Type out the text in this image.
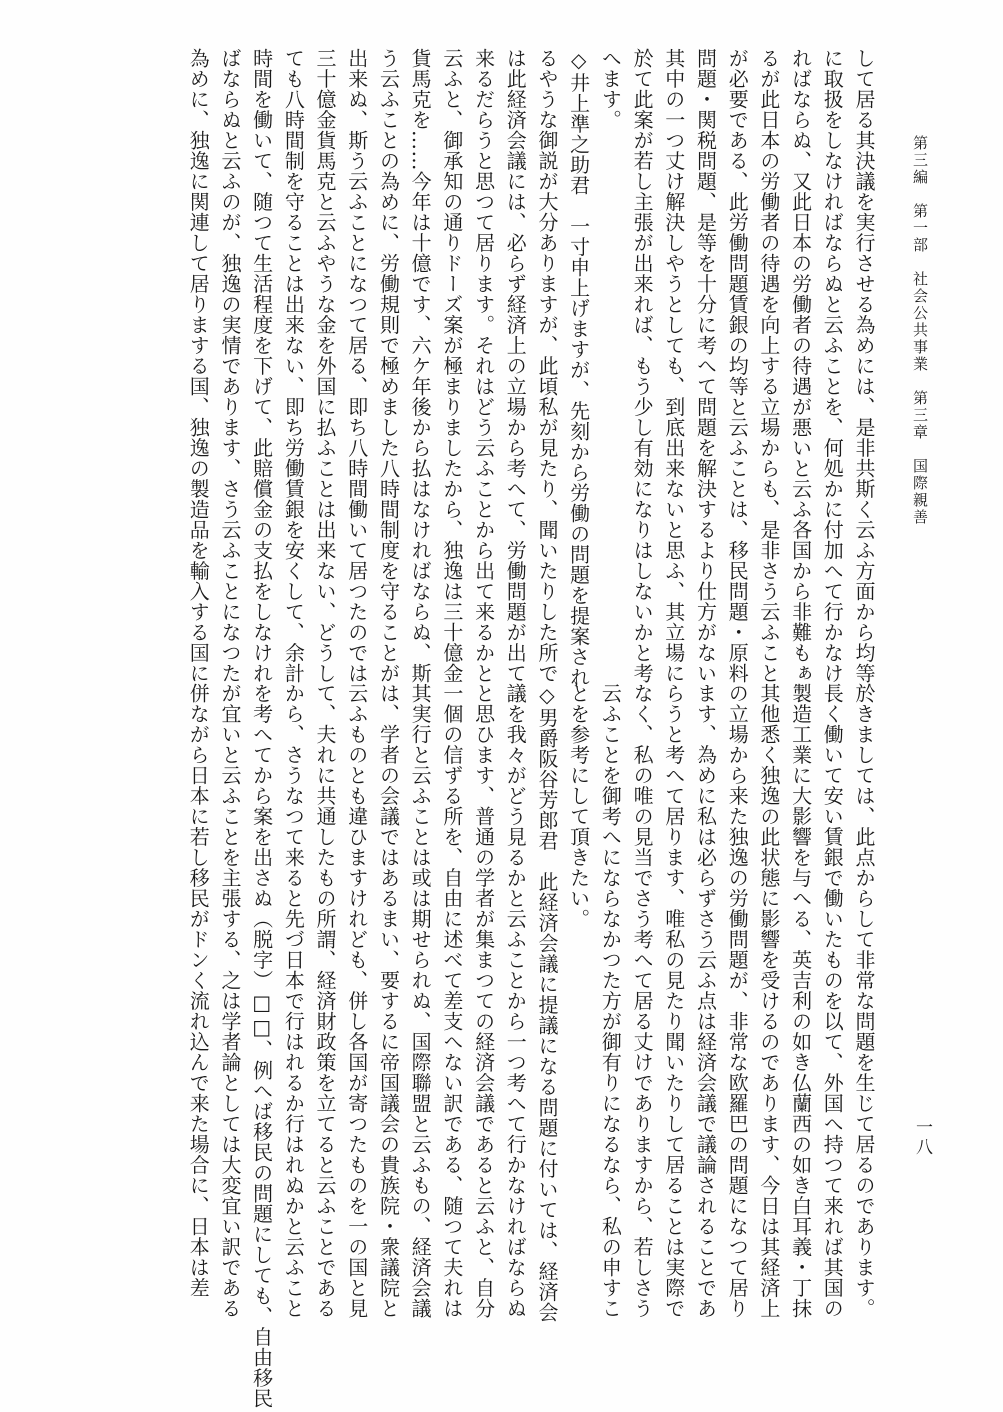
第三編　第一部　社会公共事業　第三章　国際親善
一八
して居る其決議を実行させる為めには、是非共斯く云ふ方面から均等
に取扱をしなければならぬと云ふことを、何処かに付加へて行かなけ
ればならぬ、又此日本の労働者の待遇が悪いと云ふ各国から非難もぁ
るが此日本の労働者の待遇を向上する立場からも、是非さう云ふこと
が必要である、此労働問題賃銀の均等と云ふことは、移民問題・原料
問題・関税問題、是等を十分に考へて問題を解決するより仕方がない
其中の一つ丈け解決しやうとしても、到底出来ないと思ふ、其立場に
於て此案が若し主張が出来れば、もう少し有効になりはしないかと考
へます。
◇井上準之助君　一寸申上げますが、先刻から労働の問題を提案され
るやうな御説が大分ありますが、此頃私が見たり、聞いたりした所で
は此経済会議には、必らず経済上の立場から考へて、労働問題が出て
来るだらうと思つて居ります。それはどう云ふことから出て来るかと
云ふと、御承知の通りドーズ案が極まりましたから、独逸は三十億金
貨馬克を……今年は十億です、六ケ年後から払はなければならぬ、斯
う云ふことの為めに、労働規則で極めました八時間制度を守ることが
出来ぬ、斯う云ふことになつて居る、即ち八時間働いて居つたのでは
三十億金貨馬克と云ふやうな金を外国に払ふことは出来ない、どうし
ても八時間制を守ることは出来ない、即ち労働賃銀を安くして、余計
時間を働いて、随つて生活程度を下げて、此賠償金の支払をしなけれ
ばならぬと云ふのが、独逸の実情であります、さう云ふことになつた
為めに、独逸に関連して居りまする国、独逸の製造品を輸入する国に
於きましては、此点からして非常な問題を生じて居るのであります。
長く働いて安い賃銀で働いたものを以て、外国へ持つて来れば其国の
製造工業に大影響を与へる、英吉利の如き仏蘭西の如き白耳義・丁抹
其他悉く独逸の此状態に影響を受けるのであります、今日は其経済上
の立場から来た独逸の労働問題が、非常な欧羅巴の問題になつて居り
ます、為めに私は必らずさう云ふ点は経済会議で議論されることであ
らうと考へて居ります、唯私の見たり聞いたりして居ることは実際で
なく、私の唯の見当でさう考へて居る丈けでありますから、若しさう
云ふことを御考へにならなかつた方が御有りになるなら、私の申すこ
とを参考にして頂きたい。
◇男爵阪谷芳郎君　此経済会議に提議になる問題に付いては、経済会
議を我々がどう見るかと云ふことから一つ考へて行かなければならぬ
と思ひます、普通の学者が集まつての経済会議であると云ふと、自分
一個の信ずる所を、自由に述べて差支へない訳である、随つて夫れは
其実行と云ふことは或は期せられぬ、国際聯盟と云ふもの、経済会議
は、学者の会議ではあるまい、要するに帝国議会の貴族院・衆議院と
云ふものとも違ひますけれども、併し各国が寄つたものを一の国と見
て、夫れに共通したもの所謂、経済財政策を立てると云ふことである
から、さうなつて来ると先づ日本で行はれるか行はれぬかと云ふこと
を考へてから案を出さぬ（脱字）□□、例へば移民の問題にしても、自由移民
が宜いと云ふことを主張する、之は学者論としては大変宜い訳である
併ながら日本に若し移民がドンく流れ込んで来た場合に、日本は差
